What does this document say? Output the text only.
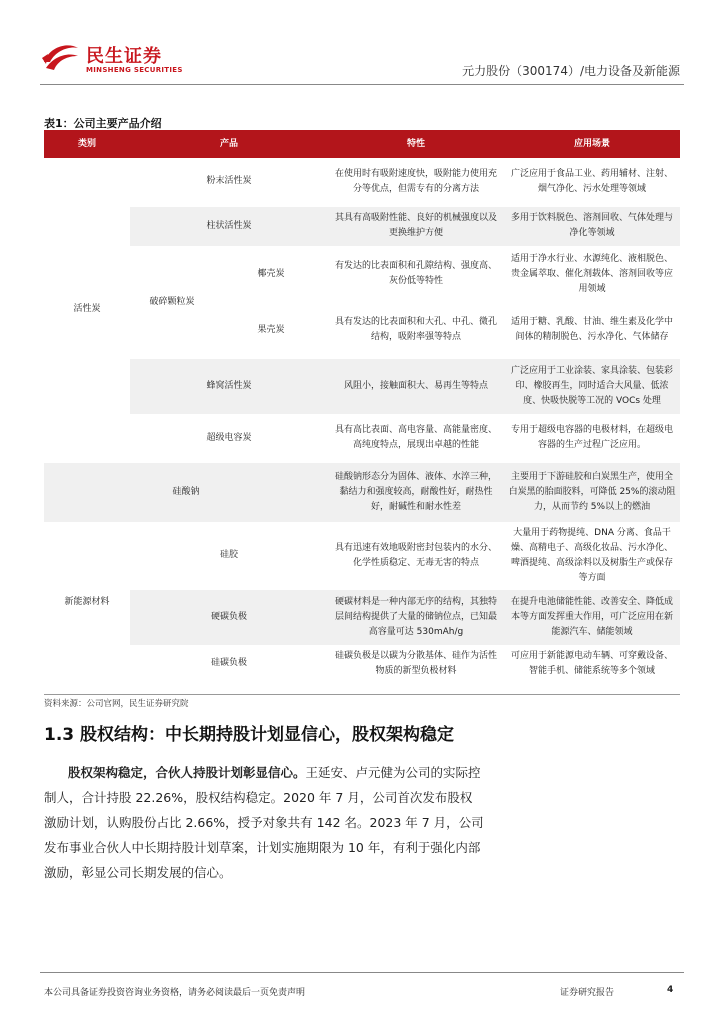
民生证券
MINSHENG SECURITIES	元力股份（300174）/电力设备及新能源
表1：公司主要产品介绍
类别	产品		特性	应用场景
活性炭	粉末活性炭		在使用时有吸附速度快，吸附能力使用充分等优点，但需专有的分离方法	广泛应用于食品工业、药用辅材、注射、烟气净化、污水处理等领域
	柱状活性炭		其具有高吸附性能、良好的机械强度以及更换维护方便	多用于饮料脱色、溶剂回收、气体处理与净化等领域
	破碎颗粒炭	椰壳炭	有发达的比表面积和孔隙结构、强度高、灰份低等特性	适用于净水行业、水源纯化、液相脱色、贵金属萃取、催化剂载体、溶剂回收等应用领域
		果壳炭	具有发达的比表面积和大孔、中孔、微孔结构，吸附率强等特点	适用于糖、乳酸、甘油、维生素及化学中间体的精制脱色、污水净化、气体储存
	蜂窝活性炭		风阻小，接触面积大、易再生等特点	广泛应用于工业涂装、家具涂装、包装彩印、橡胶再生，同时适合大风量、低浓度、快吸快脱等工况的 VOCs 处理
	超级电容炭		具有高比表面、高电容量、高能量密度、高纯度特点，展现出卓越的性能	专用于超级电容器的电极材料，在超级电容器的生产过程广泛应用。
硅酸钠			硅酸钠形态分为固体、液体、水淬三种，黏结力和强度较高，耐酸性好，耐热性好，耐碱性和耐水性差	主要用于下游硅胶和白炭黑生产，使用全白炭黑的胎面胶料，可降低 25%的滚动阻力，从而节约 5%以上的燃油
新能源材料	硅胶		具有迅速有效地吸附密封包装内的水分、化学性质稳定、无毒无害的特点	大量用于药物提纯、DNA 分离、食品干燥、高精电子、高级化妆品、污水净化、啤酒提纯、高级涂料以及树脂生产或保存等方面
	硬碳负极		硬碳材料是一种内部无序的结构，其独特层间结构提供了大量的储钠位点，已知最高容量可达 530mAh/g	在提升电池储能性能、改善安全、降低成本等方面发挥重大作用，可广泛应用在新能源汽车、储能领域
	硅碳负极		硅碳负极是以碳为分散基体、硅作为活性物质的新型负极材料	可应用于新能源电动车辆、可穿戴设备、智能手机、储能系统等多个领域
资料来源：公司官网，民生证券研究院
1.3 股权结构：中长期持股计划显信心，股权架构稳定
股权架构稳定，合伙人持股计划彰显信心。王延安、卢元健为公司的实际控制人，合计持股 22.26%，股权结构稳定。2020 年 7 月，公司首次发布股权激励计划，认购股份占比 2.66%，授予对象共有 142 名。2023 年 7 月，公司发布事业合伙人中长期持股计划草案，计划实施期限为 10 年，有利于强化内部激励，彰显公司长期发展的信心。
本公司具备证券投资咨询业务资格，请务必阅读最后一页免责声明	证券研究报告	4
